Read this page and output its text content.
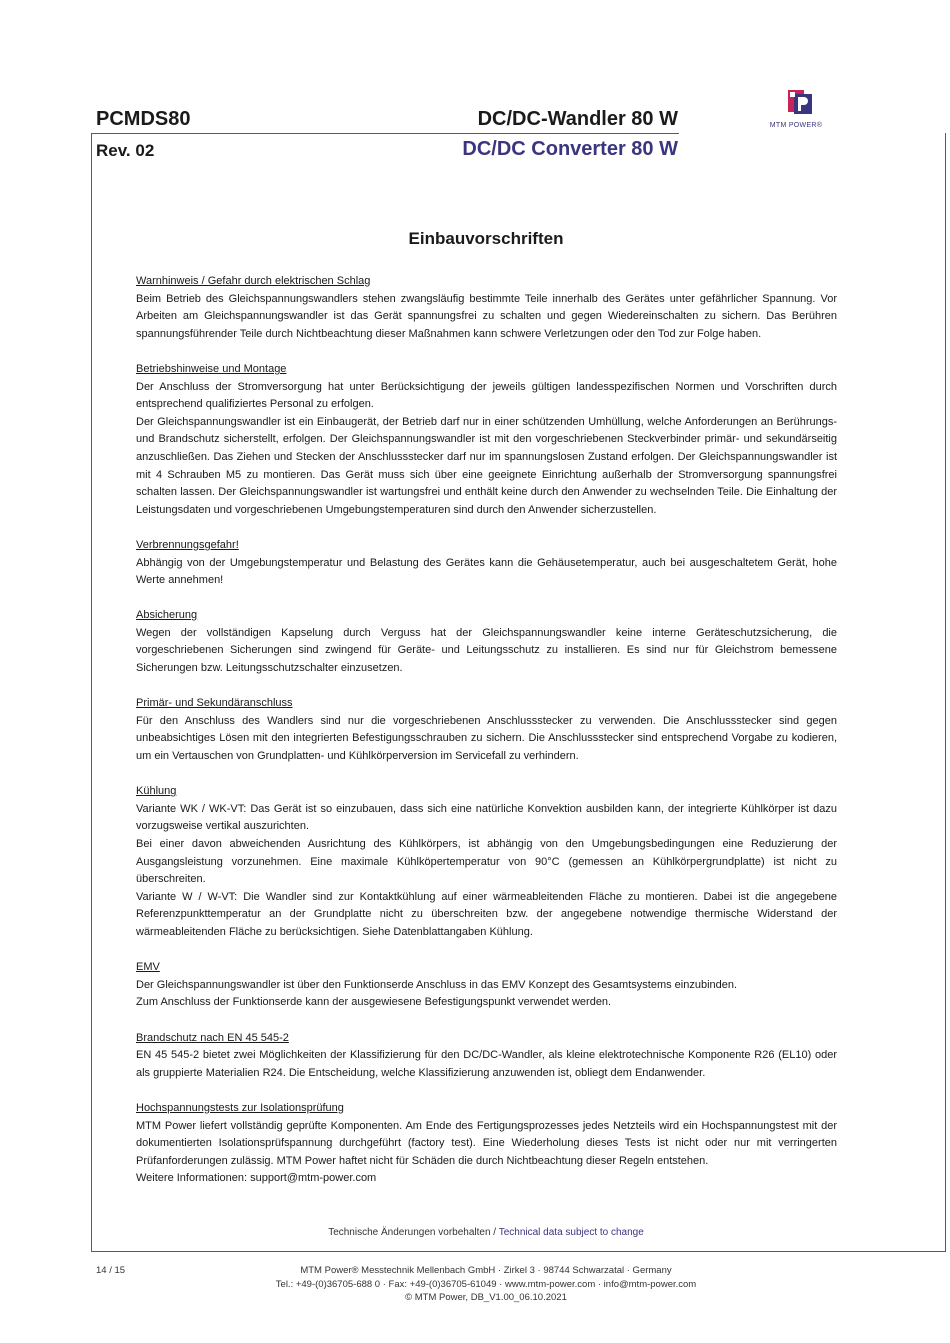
PCMDS80
Rev. 02
DC/DC-Wandler 80 W
DC/DC Converter 80 W
MTM POWER®
Einbauvorschriften
Warnhinweis / Gefahr durch elektrischen Schlag
Beim Betrieb des Gleichspannungswandlers stehen zwangsläufig bestimmte Teile innerhalb des Gerätes unter gefährlicher Spannung. Vor Arbeiten am Gleichspannungswandler ist das Gerät spannungsfrei zu schalten und gegen Wiedereinschalten zu sichern. Das Berühren spannungsführender Teile durch Nichtbeachtung dieser Maßnahmen kann schwere Verletzungen oder den Tod zur Folge haben.
Betriebshinweise und Montage
Der Anschluss der Stromversorgung hat unter Berücksichtigung der jeweils gültigen landesspezifischen Normen und Vorschriften durch entsprechend qualifiziertes Personal zu erfolgen.
Der Gleichspannungswandler ist ein Einbaugerät, der Betrieb darf nur in einer schützenden Umhüllung, welche Anforderungen an Berührungs- und Brandschutz sicherstellt, erfolgen. Der Gleichspannungswandler ist mit den vorgeschriebenen Steckverbinder primär- und sekundärseitig anzuschließen. Das Ziehen und Stecken der Anschlussstecker darf nur im spannungslosen Zustand erfolgen. Der Gleichspannungswandler ist mit 4 Schrauben M5 zu montieren. Das Gerät muss sich über eine geeignete Einrichtung außerhalb der Stromversorgung spannungsfrei schalten lassen. Der Gleichspannungswandler ist wartungsfrei und enthält keine durch den Anwender zu wechselnden Teile. Die Einhaltung der Leistungsdaten und vorgeschriebenen Umgebungstemperaturen sind durch den Anwender sicherzustellen.
Verbrennungsgefahr!
Abhängig von der Umgebungstemperatur und Belastung des Gerätes kann die Gehäusetemperatur, auch bei ausgeschaltetem Gerät, hohe Werte annehmen!
Absicherung
Wegen der vollständigen Kapselung durch Verguss hat der Gleichspannungswandler keine interne Geräteschutzsicherung, die vorgeschriebenen Sicherungen sind zwingend für Geräte- und Leitungsschutz zu installieren. Es sind nur für Gleichstrom bemessene Sicherungen bzw. Leitungsschutzschalter einzusetzen.
Primär- und Sekundäranschluss
Für den Anschluss des Wandlers sind nur die vorgeschriebenen Anschlussstecker zu verwenden. Die Anschlussstecker sind gegen unbeabsichtiges Lösen mit den integrierten Befestigungsschrauben zu sichern. Die Anschlussstecker sind entsprechend Vorgabe zu kodieren, um ein Vertauschen von Grundplatten- und Kühlkörperversion im Servicefall zu verhindern.
Kühlung
Variante WK / WK-VT: Das Gerät ist so einzubauen, dass sich eine natürliche Konvektion ausbilden kann, der integrierte Kühlkörper ist dazu vorzugsweise vertikal auszurichten.
Bei einer davon abweichenden Ausrichtung des Kühlkörpers, ist abhängig von den Umgebungsbedingungen eine Reduzierung der Ausgangsleistung vorzunehmen. Eine maximale Kühlköpertemperatur von 90°C (gemessen an Kühlkörpergrundplatte) ist nicht zu überschreiten.
Variante W / W-VT: Die Wandler sind zur Kontaktkühlung auf einer wärmeableitenden Fläche zu montieren. Dabei ist die angegebene Referenzpunkttemperatur an der Grundplatte nicht zu überschreiten bzw. der angegebene notwendige thermische Widerstand der wärmeableitenden Fläche zu berücksichtigen. Siehe Datenblattangaben Kühlung.
EMV
Der Gleichspannungswandler ist über den Funktionserde Anschluss in das EMV Konzept des Gesamtsystems einzubinden.
Zum Anschluss der Funktionserde kann der ausgewiesene Befestigungspunkt verwendet werden.
Brandschutz nach EN 45 545-2
EN 45 545-2 bietet zwei Möglichkeiten der Klassifizierung für den DC/DC-Wandler, als kleine elektrotechnische Komponente R26 (EL10) oder als gruppierte Materialien R24. Die Entscheidung, welche Klassifizierung anzuwenden ist, obliegt dem Endanwender.
Hochspannungstests zur Isolationsprüfung
MTM Power liefert vollständig geprüfte Komponenten. Am Ende des Fertigungsprozesses jedes Netzteils wird ein Hochspannungstest mit der dokumentierten Isolationsprüfspannung durchgeführt (factory test). Eine Wiederholung dieses Tests ist nicht oder nur mit verringerten Prüfanforderungen zulässig. MTM Power haftet nicht für Schäden die durch Nichtbeachtung dieser Regeln entstehen.
Weitere Informationen: support@mtm-power.com
Technische Änderungen vorbehalten / Technical data subject to change
14 / 15	MTM Power® Messtechnik Mellenbach GmbH · Zirkel 3 · 98744 Schwarzatal · Germany
Tel.: +49-(0)36705-688 0 · Fax: +49-(0)36705-61049 · www.mtm-power.com · info@mtm-power.com
© MTM Power, DB_V1.00_06.10.2021
